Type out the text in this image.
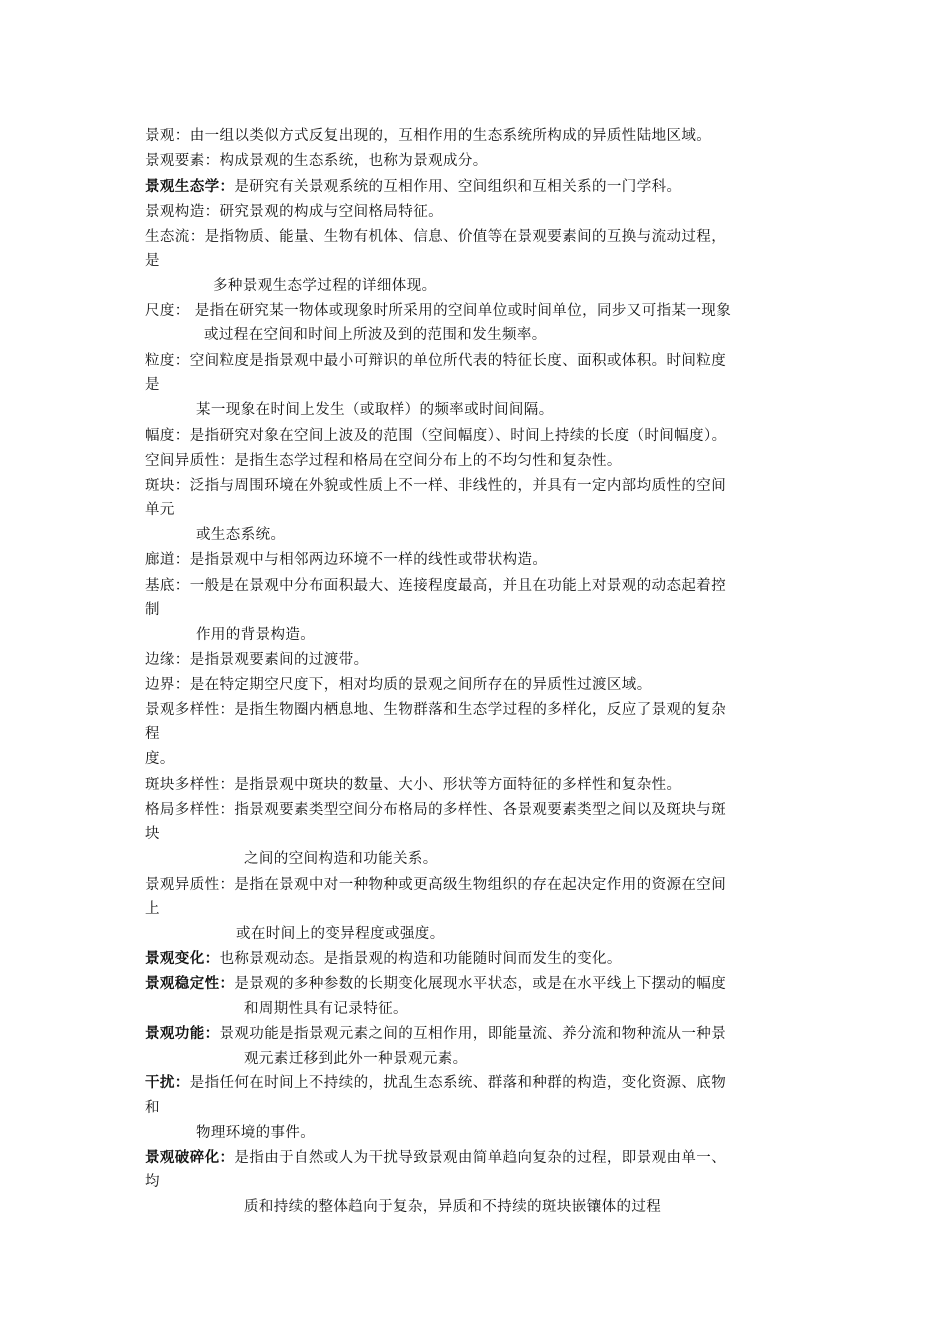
景观：由一组以类似方式反复出现的，互相作用的生态系统所构成的异质性陆地区域。
景观要素：构成景观的生态系统，也称为景观成分。
景观生态学：是研究有关景观系统的互相作用、空间组织和互相关系的一门学科。
景观构造：研究景观的构成与空间格局特征。
生态流：是指物质、能量、生物有机体、信息、价值等在景观要素间的互换与流动过程，
是
多种景观生态学过程的详细体现。
尺度： 是指在研究某一物体或现象时所采用的空间单位或时间单位，同步又可指某一现象
或过程在空间和时间上所波及到的范围和发生频率。
粒度：空间粒度是指景观中最小可辩识的单位所代表的特征长度、面积或体积。时间粒度
是
某一现象在时间上发生（或取样）的频率或时间间隔。
幅度：是指研究对象在空间上波及的范围（空间幅度）、时间上持续的长度（时间幅度）。
空间异质性：是指生态学过程和格局在空间分布上的不均匀性和复杂性。
斑块：泛指与周围环境在外貌或性质上不一样、非线性的，并具有一定内部均质性的空间
单元
或生态系统。
廊道：是指景观中与相邻两边环境不一样的线性或带状构造。
基底：一般是在景观中分布面积最大、连接程度最高，并且在功能上对景观的动态起着控
制
作用的背景构造。
边缘：是指景观要素间的过渡带。
边界：是在特定期空尺度下，相对均质的景观之间所存在的异质性过渡区域。
景观多样性：是指生物圈内栖息地、生物群落和生态学过程的多样化，反应了景观的复杂
程
度。
斑块多样性：是指景观中斑块的数量、大小、形状等方面特征的多样性和复杂性。
格局多样性：指景观要素类型空间分布格局的多样性、各景观要素类型之间以及斑块与斑
块
之间的空间构造和功能关系。
景观异质性：是指在景观中对一种物种或更高级生物组织的存在起决定作用的资源在空间
上
或在时间上的变异程度或强度。
景观变化：也称景观动态。是指景观的构造和功能随时间而发生的变化。
景观稳定性：是景观的多种参数的长期变化展现水平状态，或是在水平线上下摆动的幅度
和周期性具有记录特征。
景观功能：景观功能是指景观元素之间的互相作用，即能量流、养分流和物种流从一种景
观元素迁移到此外一种景观元素。
干扰：是指任何在时间上不持续的，扰乱生态系统、群落和种群的构造，变化资源、底物
和
物理环境的事件。
景观破碎化：是指由于自然或人为干扰导致景观由简单趋向复杂的过程，即景观由单一、
均
质和持续的整体趋向于复杂，异质和不持续的斑块嵌镶体的过程
